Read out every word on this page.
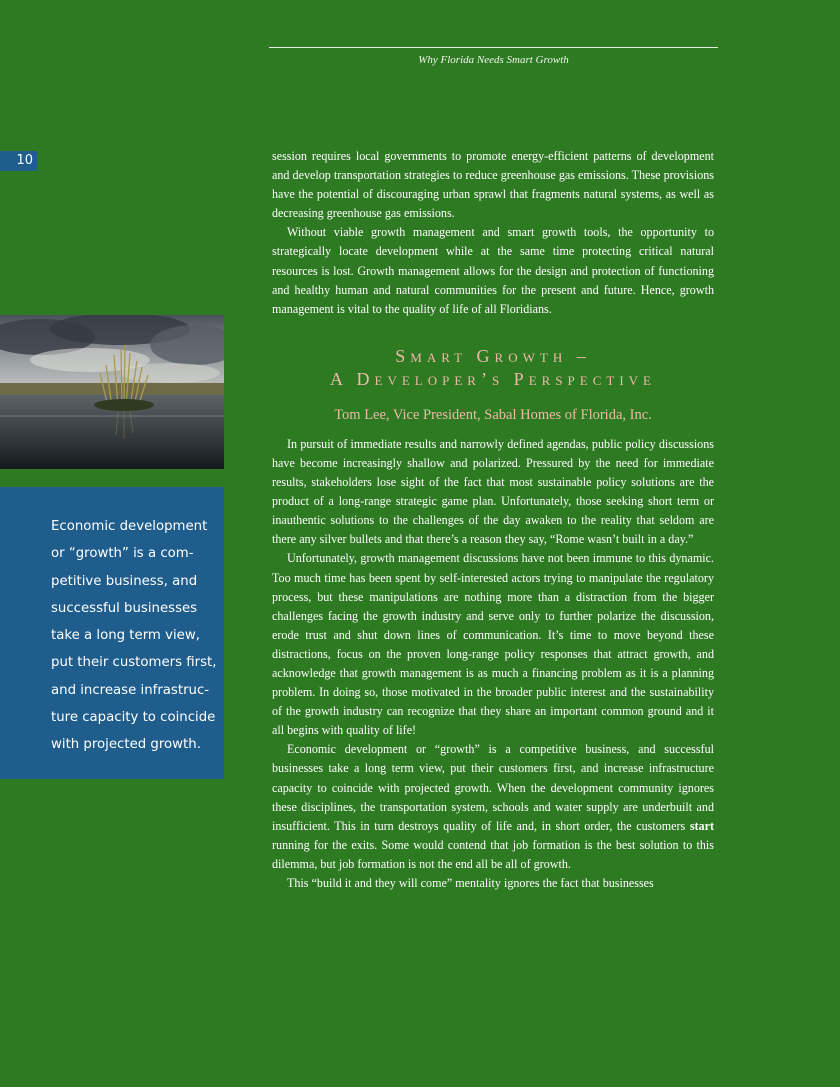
Why Florida Needs Smart Growth
10

Economic development or “growth” is a com- petitive business, and successful businesses take a long term view, put their customers first, and increase infrastruc- ture capacity to coincide with projected growth.

session requires local governments to promote energy-efficient patterns of development and develop transportation strategies to reduce greenhouse gas emissions. These provisions have the potential of discouraging urban sprawl that fragments natural systems, as well as decreasing greenhouse gas emissions.

Without viable growth management and smart growth tools, the opportunity to strategically locate development while at the same time protecting critical natural resources is lost. Growth management allows for the design and protection of functioning and healthy human and natural communities for the present and future. Hence, growth management is vital to the quality of life of all Floridians.

Smart Growth –
A Developer’s Perspective
Tom Lee, Vice President, Sabal Homes of Florida, Inc.

In pursuit of immediate results and narrowly defined agendas, public policy discussions have become increasingly shallow and polarized. Pressured by the need for immediate results, stakeholders lose sight of the fact that most sustainable policy solutions are the product of a long-range strategic game plan. Unfortunately, those seeking short term or inauthentic solutions to the challenges of the day awaken to the reality that seldom are there any silver bullets and that there’s a reason they say, “Rome wasn’t built in a day.”

Unfortunately, growth management discussions have not been immune to this dynamic. Too much time has been spent by self-interested actors trying to manipulate the regulatory process, but these manipulations are nothing more than a distraction from the bigger challenges facing the growth industry and serve only to further polarize the discussion, erode trust and shut down lines of communication. It’s time to move beyond these distractions, focus on the proven long-range policy responses that attract growth, and acknowledge that growth management is as much a financing problem as it is a planning problem. In doing so, those motivated in the broader public interest and the sustainability of the growth industry can recognize that they share an important common ground and it all begins with quality of life!

Economic development or “growth” is a competitive business, and successful businesses take a long term view, put their customers first, and increase infrastructure capacity to coincide with projected growth. When the development community ignores these disciplines, the transportation system, schools and water supply are underbuilt and insufficient. This in turn destroys quality of life and, in short order, the customers start running for the exits. Some would contend that job formation is the best solution to this dilemma, but job formation is not the end all be all of growth.

This “build it and they will come” mentality ignores the fact that businesses
